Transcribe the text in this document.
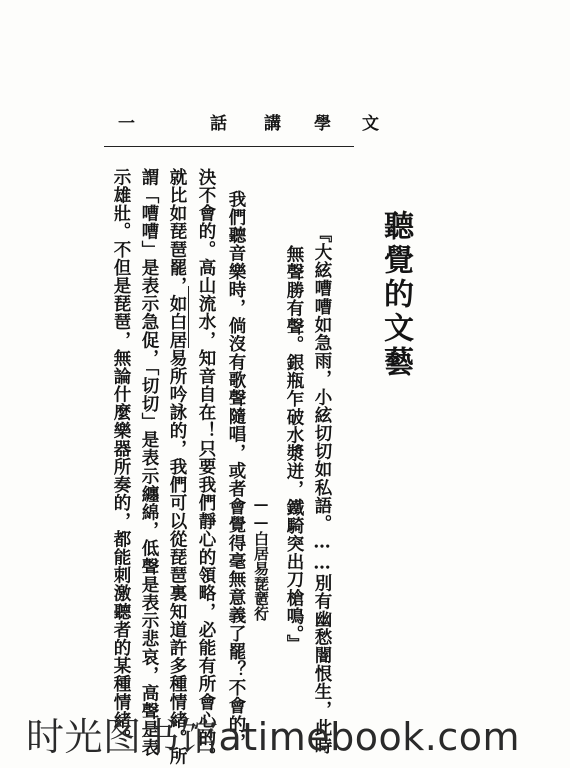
一	話 講 學 文
聽覺的文藝
『大絃嘈嘈如急雨，小絃切切如私語。……別有幽愁闇恨生，此時
無聲勝有聲。銀瓶乍破水漿迸，鐵騎突出刀槍鳴。』
——白居易琵琶行
我們聽音樂時，倘沒有歌聲隨唱，或者會覺得毫無意義了罷？不會的，
決不會的。高山流水，知音自在！只要我們靜心的領略，必能有所會心的。
就比如琵琶罷，如白居易所吟詠的，我們可以從琵琶裏知道許多種情緒。所
謂「嘈嘈」是表示急促，「切切」是表示纏綿，低聲是表示悲哀，高聲是表
示雄壯。不但是琵琶，無論什麼樂器所奏的，都能刺激聽者的某種情緒。
时光图书馆atimebook.com
